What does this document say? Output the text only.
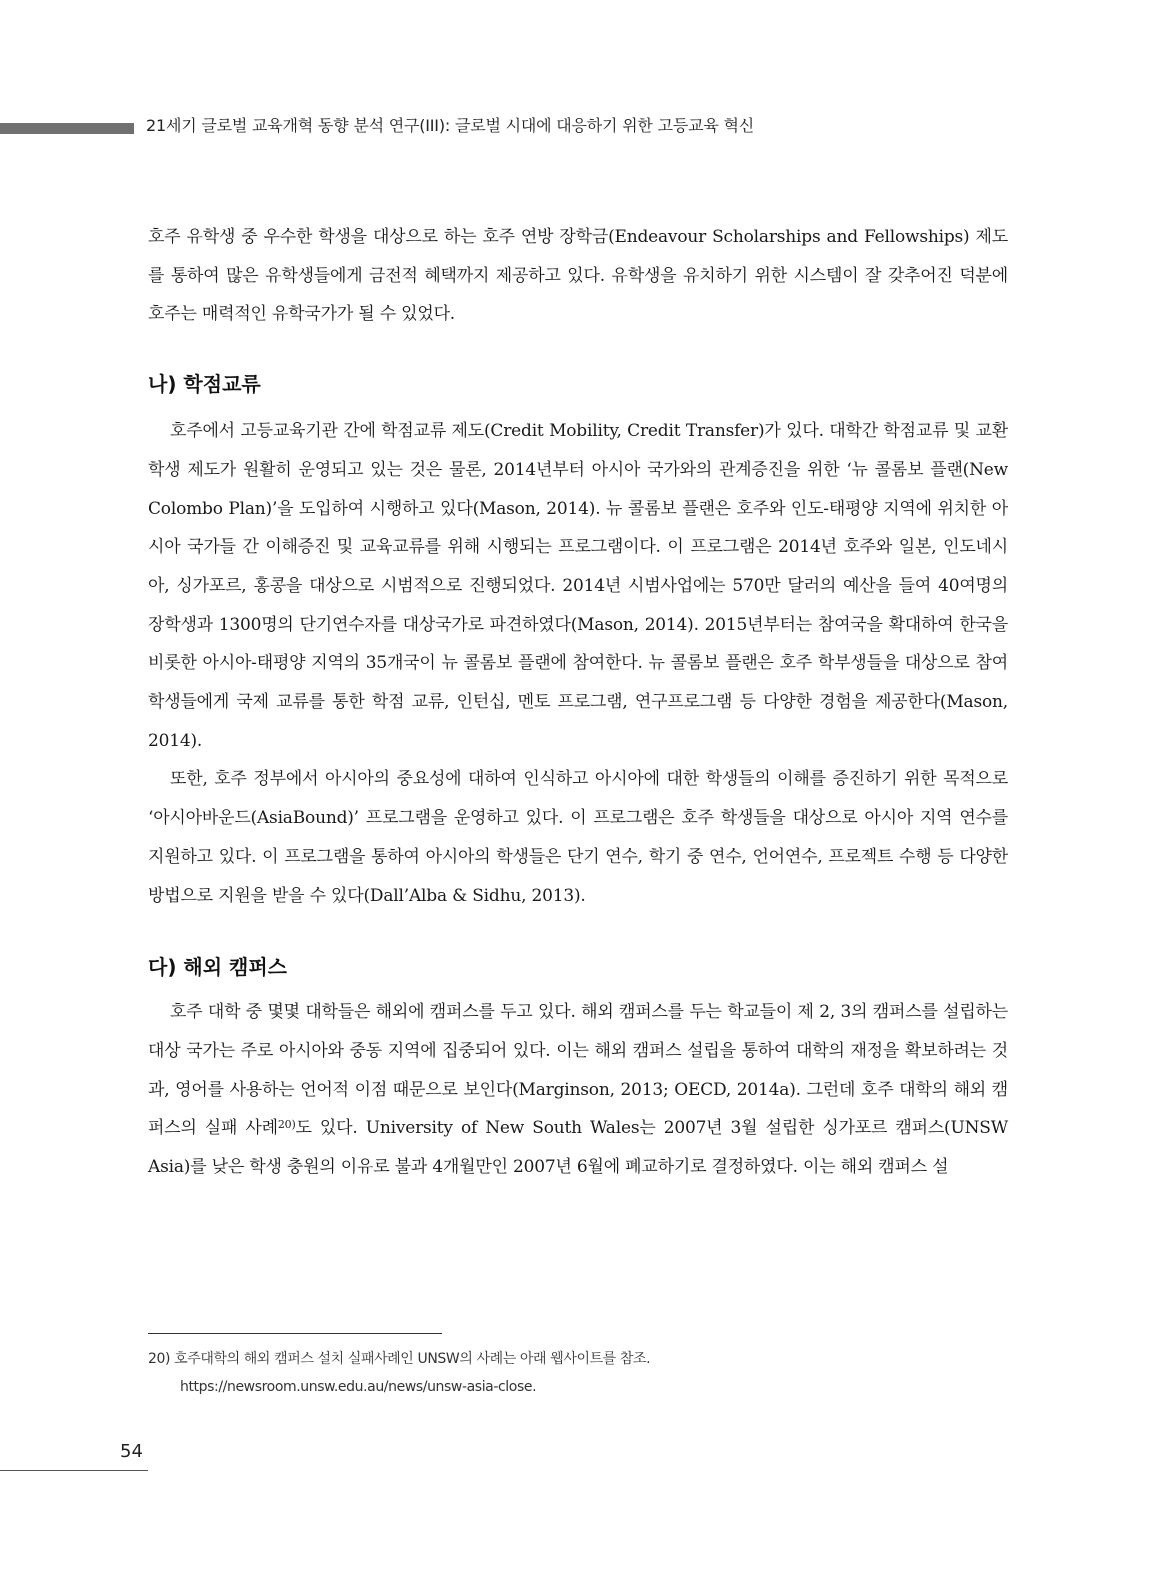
21세기 글로벌 교육개혁 동향 분석 연구(III): 글로벌 시대에 대응하기 위한 고등교육 혁신

호주 유학생 중 우수한 학생을 대상으로 하는 호주 연방 장학금(Endeavour Scholarships and Fellowships) 제도를 통하여 많은 유학생들에게 금전적 혜택까지 제공하고 있다. 유학생을 유치하기 위한 시스템이 잘 갖추어진 덕분에 호주는 매력적인 유학국가가 될 수 있었다.

나) 학점교류

호주에서 고등교육기관 간에 학점교류 제도(Credit Mobility, Credit Transfer)가 있다. 대학간 학점교류 및 교환학생 제도가 원활히 운영되고 있는 것은 물론, 2014년부터 아시아 국가와의 관계증진을 위한 ‘뉴 콜롬보 플랜(New Colombo Plan)’을 도입하여 시행하고 있다(Mason, 2014). 뉴 콜롬보 플랜은 호주와 인도-태평양 지역에 위치한 아시아 국가들 간 이해증진 및 교육교류를 위해 시행되는 프로그램이다. 이 프로그램은 2014년 호주와 일본, 인도네시아, 싱가포르, 홍콩을 대상으로 시범적으로 진행되었다. 2014년 시범사업에는 570만 달러의 예산을 들여 40여명의 장학생과 1300명의 단기연수자를 대상국가로 파견하였다(Mason, 2014). 2015년부터는 참여국을 확대하여 한국을 비롯한 아시아-태평양 지역의 35개국이 뉴 콜롬보 플랜에 참여한다. 뉴 콜롬보 플랜은 호주 학부생들을 대상으로 참여 학생들에게 국제 교류를 통한 학점 교류, 인턴십, 멘토 프로그램, 연구프로그램 등 다양한 경험을 제공한다(Mason, 2014).

또한, 호주 정부에서 아시아의 중요성에 대하여 인식하고 아시아에 대한 학생들의 이해를 증진하기 위한 목적으로 ‘아시아바운드(AsiaBound)’ 프로그램을 운영하고 있다. 이 프로그램은 호주 학생들을 대상으로 아시아 지역 연수를 지원하고 있다. 이 프로그램을 통하여 아시아의 학생들은 단기 연수, 학기 중 연수, 언어연수, 프로젝트 수행 등 다양한 방법으로 지원을 받을 수 있다(Dall’Alba & Sidhu, 2013).

다) 해외 캠퍼스

호주 대학 중 몇몇 대학들은 해외에 캠퍼스를 두고 있다. 해외 캠퍼스를 두는 학교들이 제 2, 3의 캠퍼스를 설립하는 대상 국가는 주로 아시아와 중동 지역에 집중되어 있다. 이는 해외 캠퍼스 설립을 통하여 대학의 재정을 확보하려는 것과, 영어를 사용하는 언어적 이점 때문으로 보인다(Marginson, 2013; OECD, 2014a). 그런데 호주 대학의 해외 캠퍼스의 실패 사례$^{20)}$도 있다. University of New South Wales는 2007년 3월 설립한 싱가포르 캠퍼스(UNSW Asia)를 낮은 학생 충원의 이유로 불과 4개월만인 2007년 6월에 폐교하기로 결정하였다. 이는 해외 캠퍼스 설

20) 호주대학의 해외 캠퍼스 설치 실패사례인 UNSW의 사례는 아래 웹사이트를 참조.
https://newsroom.unsw.edu.au/news/unsw-asia-close.
54
